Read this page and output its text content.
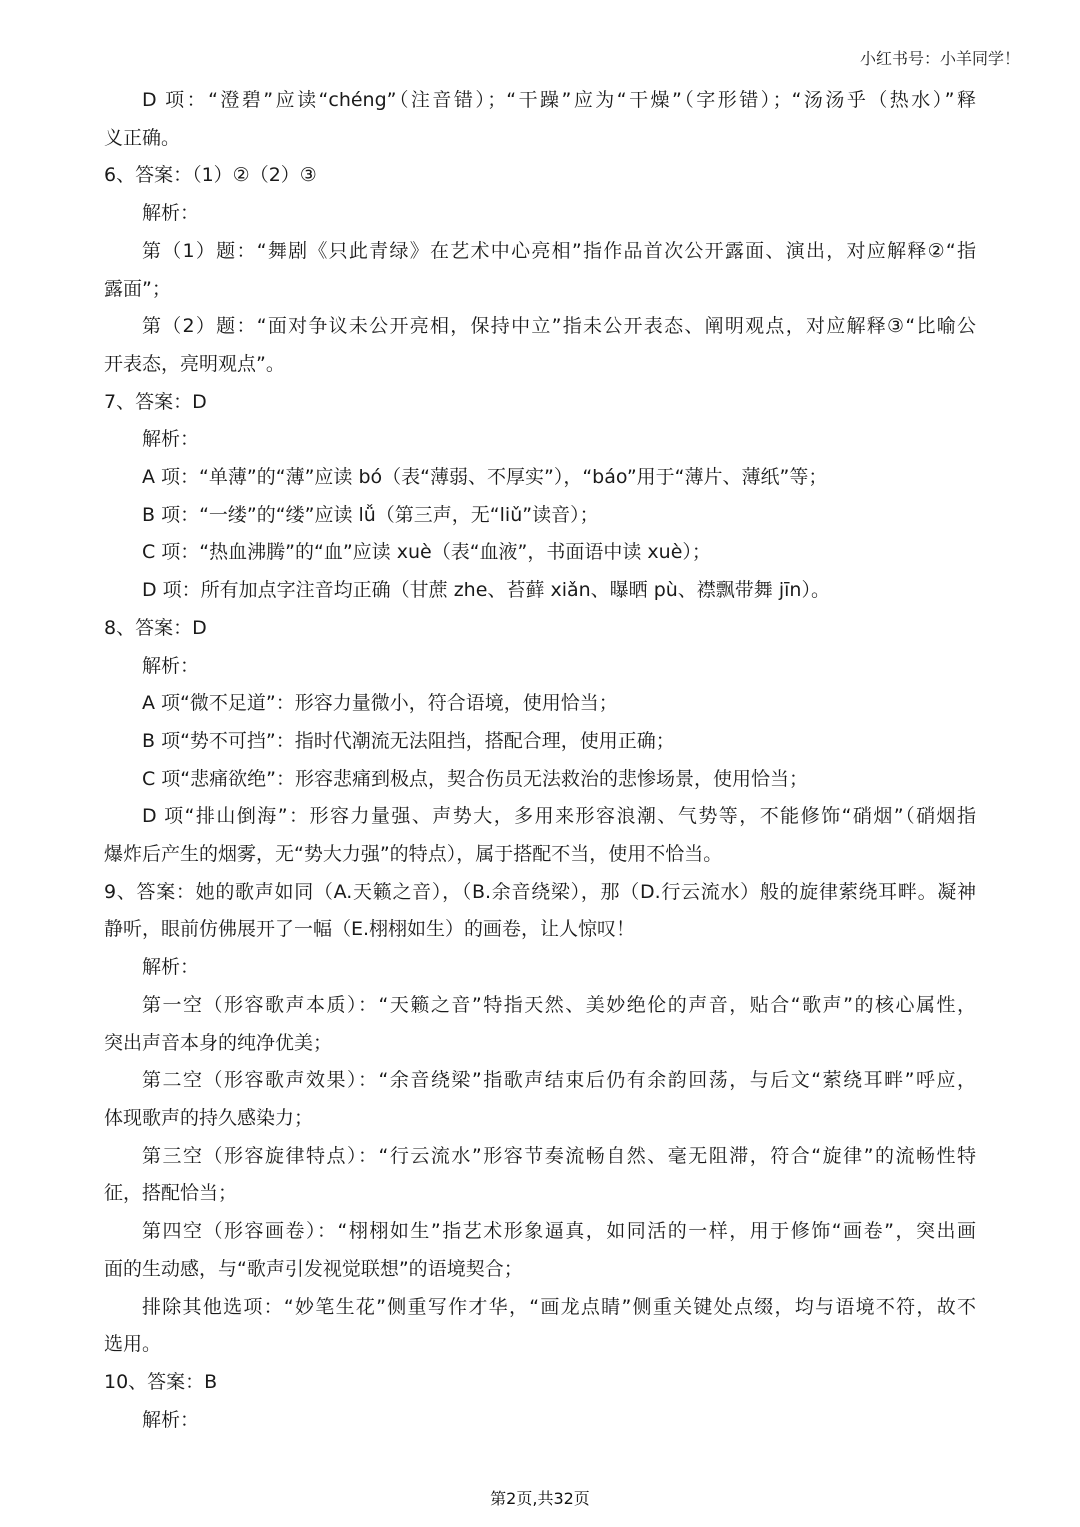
小红书号：小羊同学！
D 项：“澄碧”应读“chéng”（注音错）；“干躁”应为“干燥”（字形错）；“汤汤乎（热水）”释
义正确。
6、答案：（1）②（2）③
解析：
第（1）题：“舞剧《只此青绿》在艺术中心亮相”指作品首次公开露面、演出，对应解释②“指
露面”；
第（2）题：“面对争议未公开亮相，保持中立”指未公开表态、阐明观点，对应解释③“比喻公
开表态，亮明观点”。
7、答案：D
解析：
A 项：“单薄”的“薄”应读 bó（表“薄弱、不厚实”），“báo”用于“薄片、薄纸”等；
B 项：“一缕”的“缕”应读 lǚ（第三声，无“liǔ”读音）；
C 项：“热血沸腾”的“血”应读 xuè（表“血液”，书面语中读 xuè）；
D 项：所有加点字注音均正确（甘蔗 zhe、苔藓 xiǎn、曝晒 pù、襟飘带舞 jīn）。
8、答案：D
解析：
A 项“微不足道”：形容力量微小，符合语境，使用恰当；
B 项“势不可挡”：指时代潮流无法阻挡，搭配合理，使用正确；
C 项“悲痛欲绝”：形容悲痛到极点，契合伤员无法救治的悲惨场景，使用恰当；
D 项“排山倒海”：形容力量强、声势大，多用来形容浪潮、气势等，不能修饰“硝烟”（硝烟指
爆炸后产生的烟雾，无“势大力强”的特点），属于搭配不当，使用不恰当。
9、答案：她的歌声如同（A.天籁之音），（B.余音绕梁），那（D.行云流水）般的旋律萦绕耳畔。凝神
静听，眼前仿佛展开了一幅（E.栩栩如生）的画卷，让人惊叹！
解析：
第一空（形容歌声本质）：“天籁之音”特指天然、美妙绝伦的声音，贴合“歌声”的核心属性，
突出声音本身的纯净优美；
第二空（形容歌声效果）：“余音绕梁”指歌声结束后仍有余韵回荡，与后文“萦绕耳畔”呼应，
体现歌声的持久感染力；
第三空（形容旋律特点）：“行云流水”形容节奏流畅自然、毫无阻滞，符合“旋律”的流畅性特
征，搭配恰当；
第四空（形容画卷）：“栩栩如生”指艺术形象逼真，如同活的一样，用于修饰“画卷”，突出画
面的生动感，与“歌声引发视觉联想”的语境契合；
排除其他选项：“妙笔生花”侧重写作才华，“画龙点睛”侧重关键处点缀，均与语境不符，故不
选用。
10、答案：B
解析：
第2页,共32页
